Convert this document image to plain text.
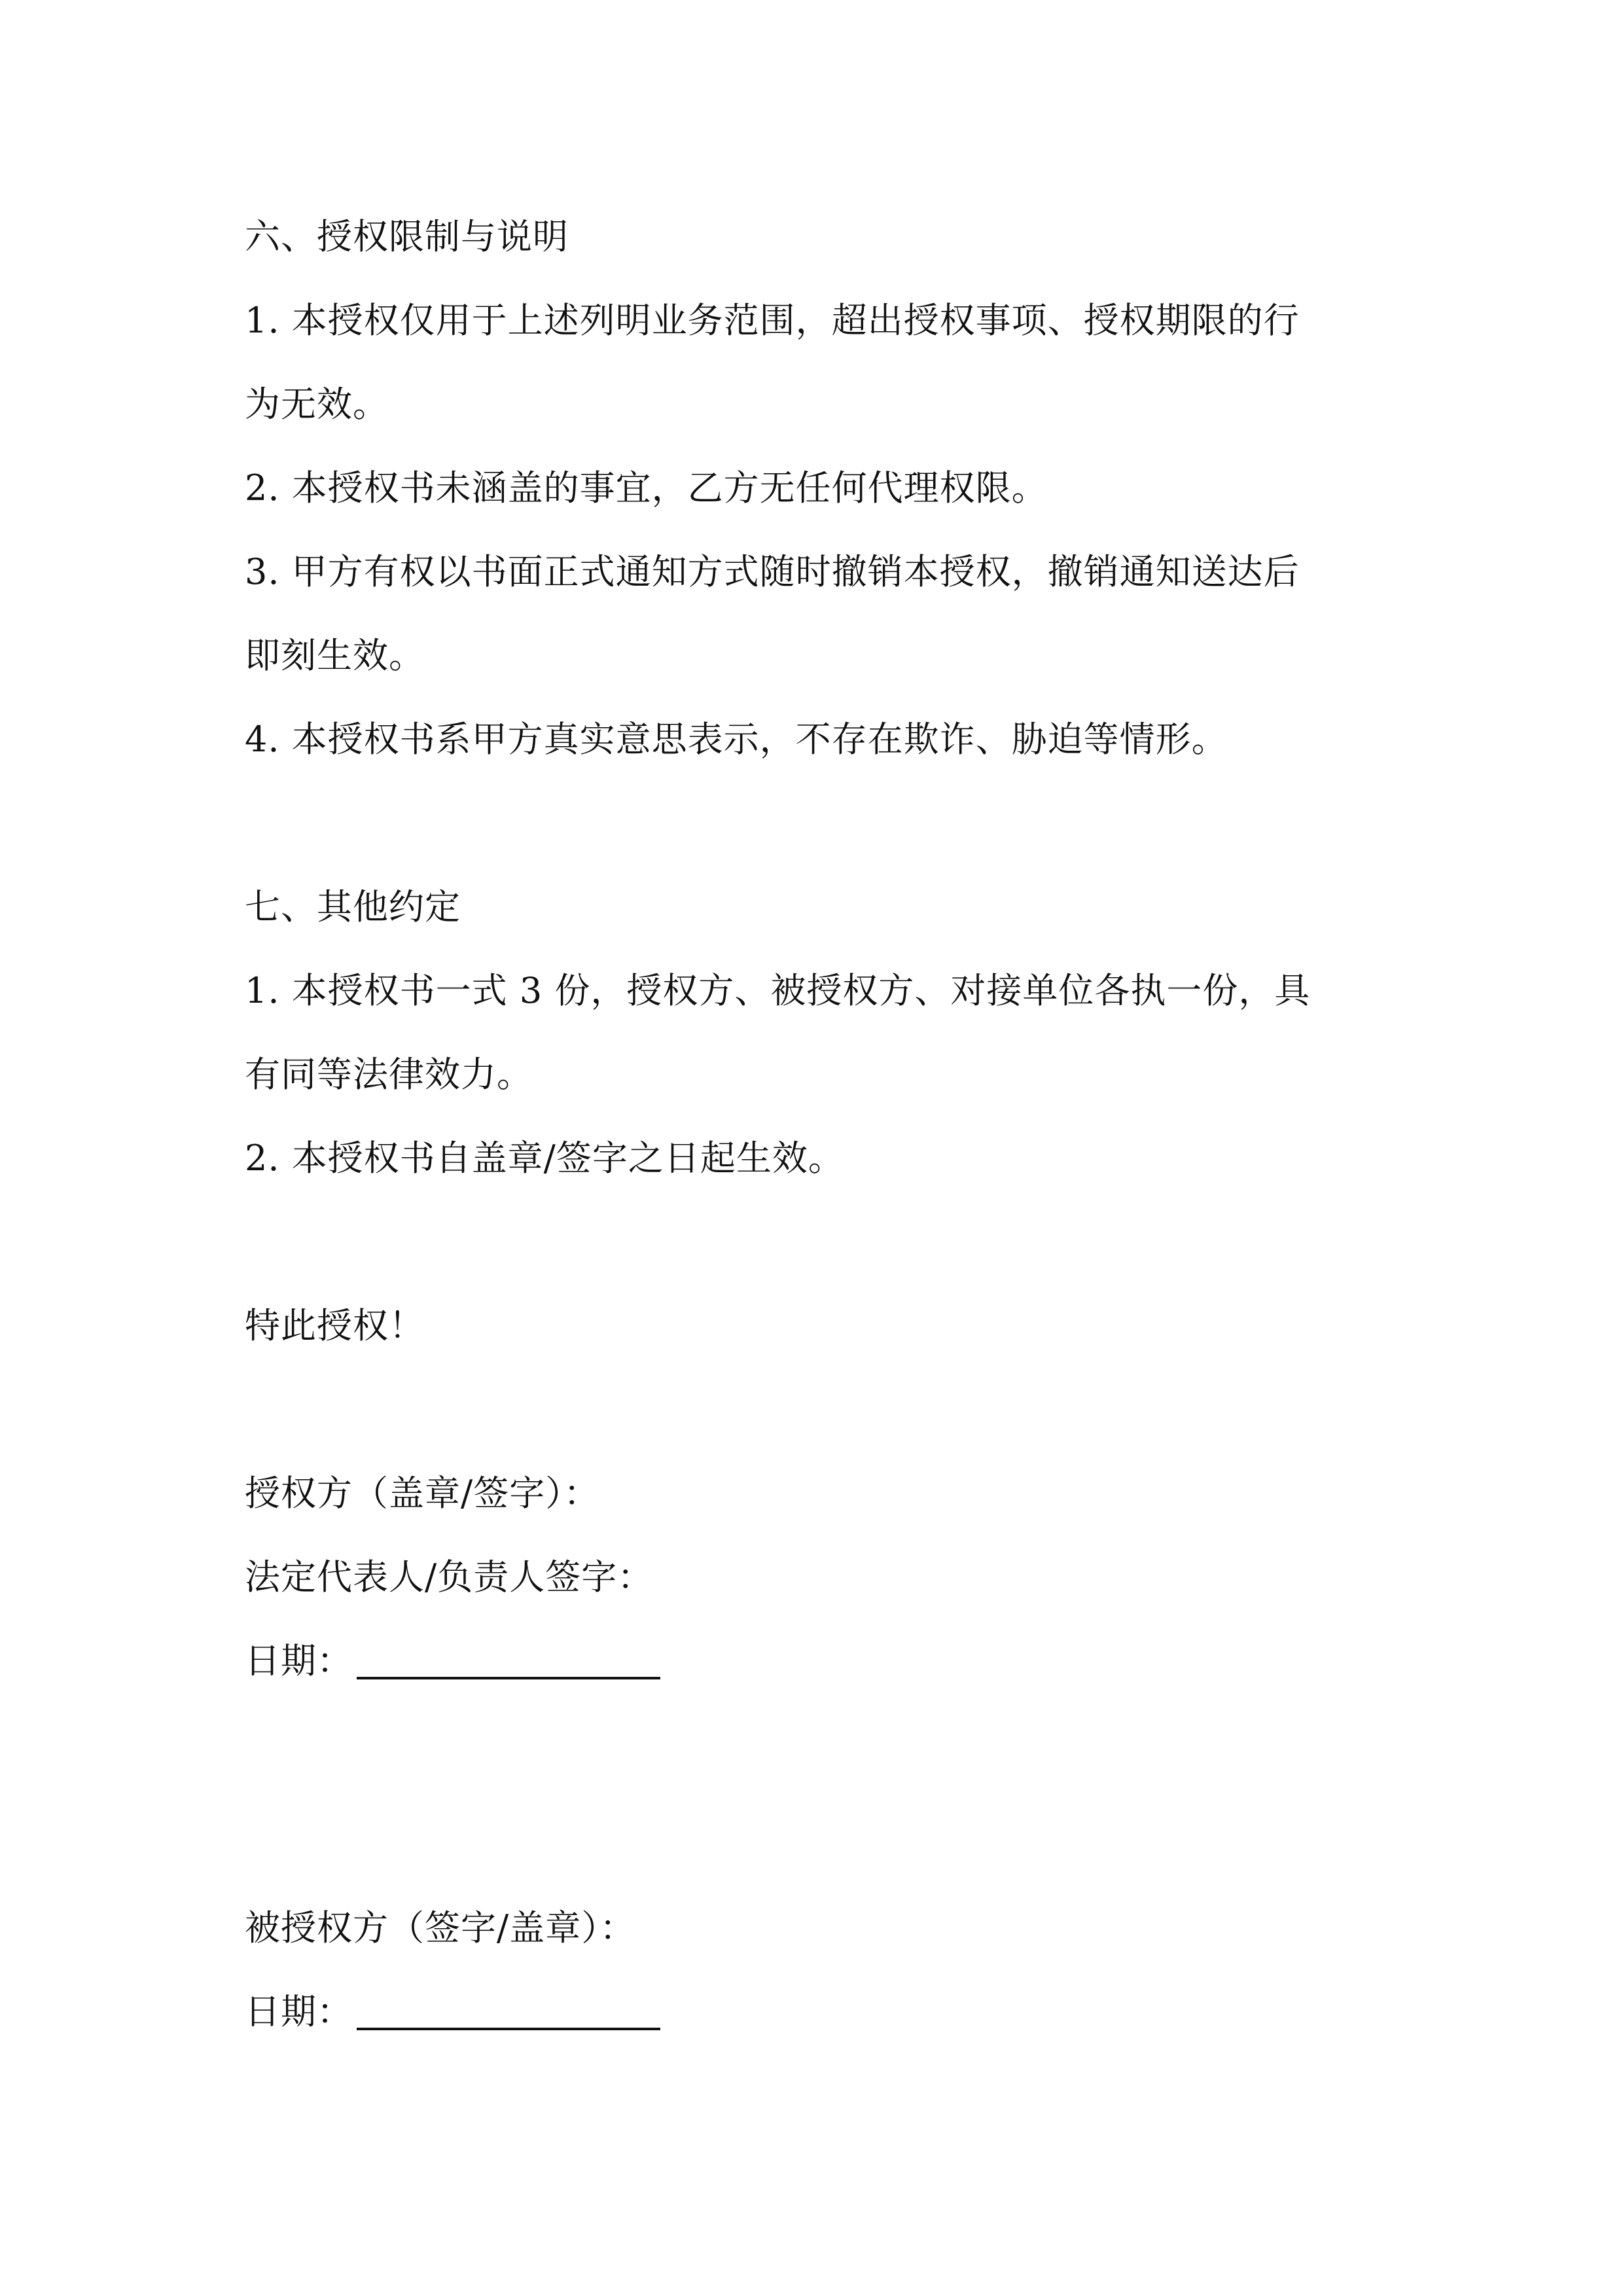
六、授权限制与说明
1. 本授权仅用于上述列明业务范围，超出授权事项、授权期限的行
为无效。
2. 本授权书未涵盖的事宜，乙方无任何代理权限。
3. 甲方有权以书面正式通知方式随时撤销本授权，撤销通知送达后
即刻生效。
4. 本授权书系甲方真实意思表示，不存在欺诈、胁迫等情形。
七、其他约定
1. 本授权书一式 3 份，授权方、被授权方、对接单位各执一份，具
有同等法律效力。
2. 本授权书自盖章/签字之日起生效。
特此授权！
授权方（盖章/签字）：
法定代表人/负责人签字：
日期：
被授权方（签字/盖章）：
日期：
